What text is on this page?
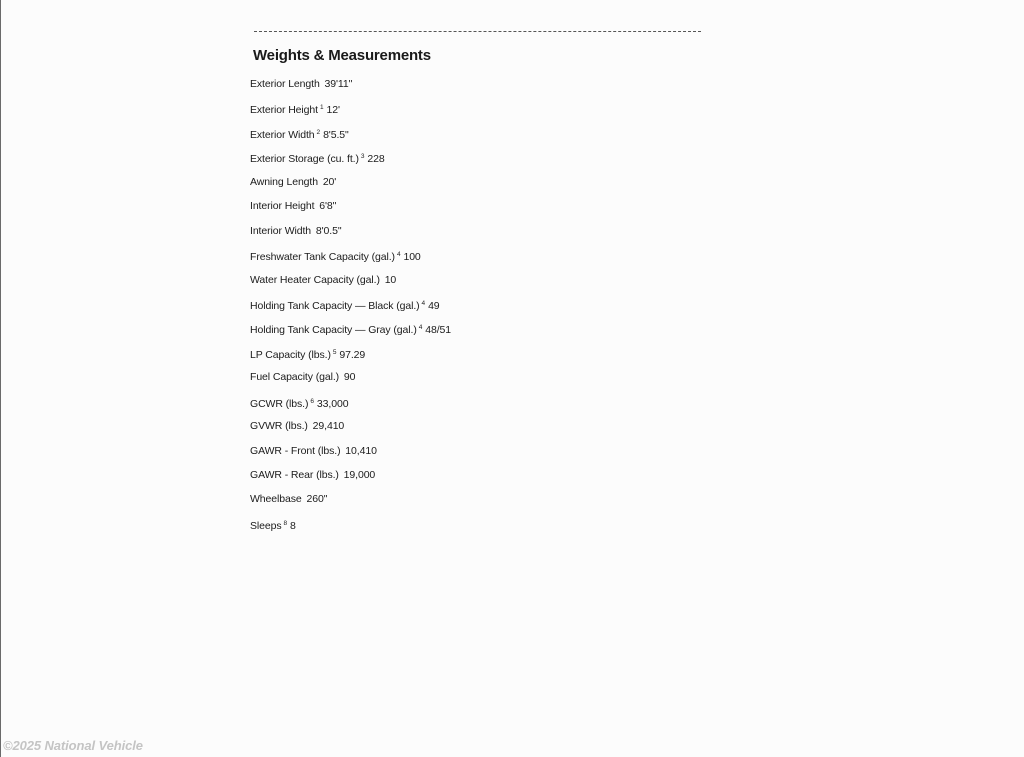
Weights & Measurements
Exterior Length 39'11"
Exterior Height $^1$ 12'
Exterior Width $^2$ 8'5.5"
Exterior Storage (cu. ft.) $^3$ 228
Awning Length 20'
Interior Height 6'8"
Interior Width 8'0.5"
Freshwater Tank Capacity (gal.) $^4$ 100
Water Heater Capacity (gal.) 10
Holding Tank Capacity — Black (gal.) $^4$ 49
Holding Tank Capacity — Gray (gal.) $^4$ 48/51
LP Capacity (lbs.) $^5$ 97.29
Fuel Capacity (gal.) 90
GCWR (lbs.) $^6$ 33,000
GVWR (lbs.) 29,410
GAWR - Front (lbs.) 10,410
GAWR - Rear (lbs.) 19,000
Wheelbase 260"
Sleeps $^8$ 8
©2025 National Vehicle
